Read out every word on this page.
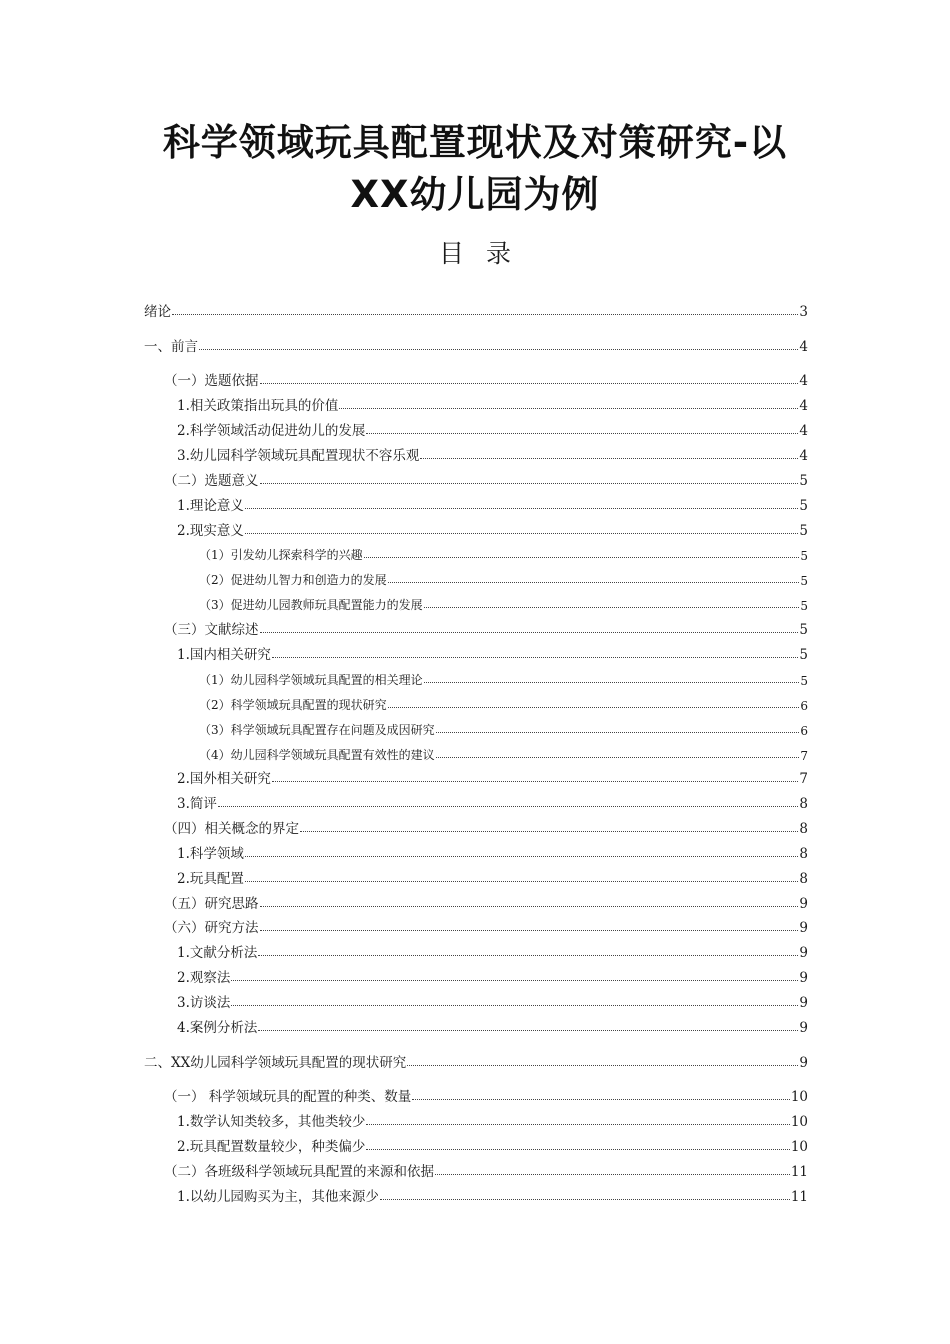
科学领域玩具配置现状及对策研究-以
XX幼儿园为例
目录
绪论	3
一、前言	4
（一）选题依据	4
1.相关政策指出玩具的价值	4
2.科学领域活动促进幼儿的发展	4
3.幼儿园科学领域玩具配置现状不容乐观	4
（二）选题意义	5
1.理论意义	5
2.现实意义	5
（1）引发幼儿探索科学的兴趣	5
（2）促进幼儿智力和创造力的发展	5
（3）促进幼儿园教师玩具配置能力的发展	5
（三）文献综述	5
1.国内相关研究	5
（1）幼儿园科学领域玩具配置的相关理论	5
（2）科学领域玩具配置的现状研究	6
（3）科学领域玩具配置存在问题及成因研究	6
（4）幼儿园科学领域玩具配置有效性的建议	7
2.国外相关研究	7
3.简评	8
（四）相关概念的界定	8
1.科学领域	8
2.玩具配置	8
（五）研究思路	9
（六）研究方法	9
1.文献分析法	9
2.观察法	9
3.访谈法	9
4.案例分析法	9
二、XX幼儿园科学领域玩具配置的现状研究	9
（一） 科学领域玩具的配置的种类、数量	10
1.数学认知类较多，其他类较少	10
2.玩具配置数量较少，种类偏少	10
（二）各班级科学领域玩具配置的来源和依据	11
1.以幼儿园购买为主，其他来源少	11
